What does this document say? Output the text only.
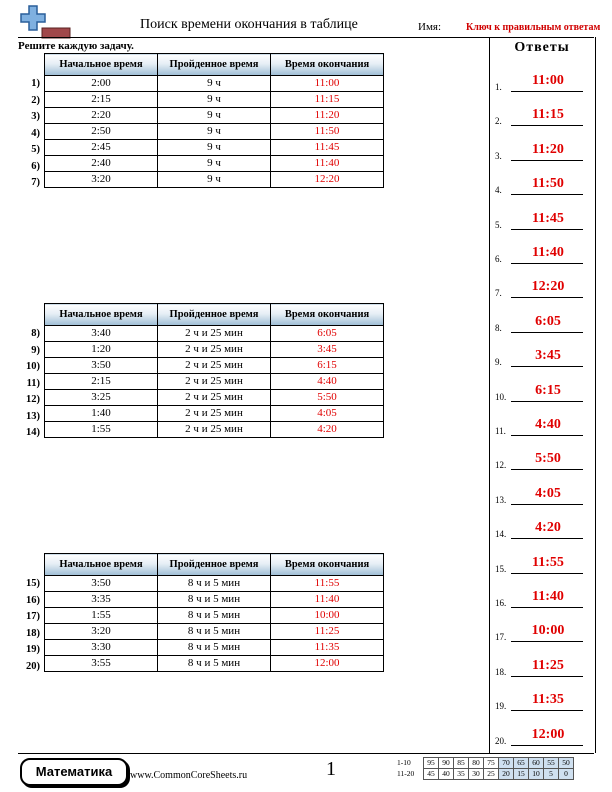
Поиск времени окончания в таблице	Имя: Ключ к правильным ответам
Решите каждую задачу.
Начальное время	Пройденное время	Время окончания
2:00	9 ч	11:00
2:15	9 ч	11:15
2:20	9 ч	11:20
2:50	9 ч	11:50
2:45	9 ч	11:45
2:40	9 ч	11:40
3:20	9 ч	12:20
1)
2)
3)
4)
5)
6)
7)
Начальное время	Пройденное время	Время окончания
3:40	2 ч и 25 мин	6:05
1:20	2 ч и 25 мин	3:45
3:50	2 ч и 25 мин	6:15
2:15	2 ч и 25 мин	4:40
3:25	2 ч и 25 мин	5:50
1:40	2 ч и 25 мин	4:05
1:55	2 ч и 25 мин	4:20
8)
9)
10)
11)
12)
13)
14)
Начальное время	Пройденное время	Время окончания
3:50	8 ч и 5 мин	11:55
3:35	8 ч и 5 мин	11:40
1:55	8 ч и 5 мин	10:00
3:20	8 ч и 5 мин	11:25
3:30	8 ч и 5 мин	11:35
3:55	8 ч и 5 мин	12:00
15)
16)
17)
18)
19)
20)
Ответы
1.	11:00
2.	11:15
3.	11:20
4.	11:50
5.	11:45
6.	11:40
7.	12:20
8.	6:05
9.	3:45
10.	6:15
11.	4:40
12.	5:50
13.	4:05
14.	4:20
15.	11:55
16.	11:40
17.	10:00
18.	11:25
19.	11:35
20.	12:00
Математика	www.CommonCoreSheets.ru	1	1-10	95	90	85	80	75	70	65	60	55	50
11-20	45	40	35	30	25	20	15	10	5	0
